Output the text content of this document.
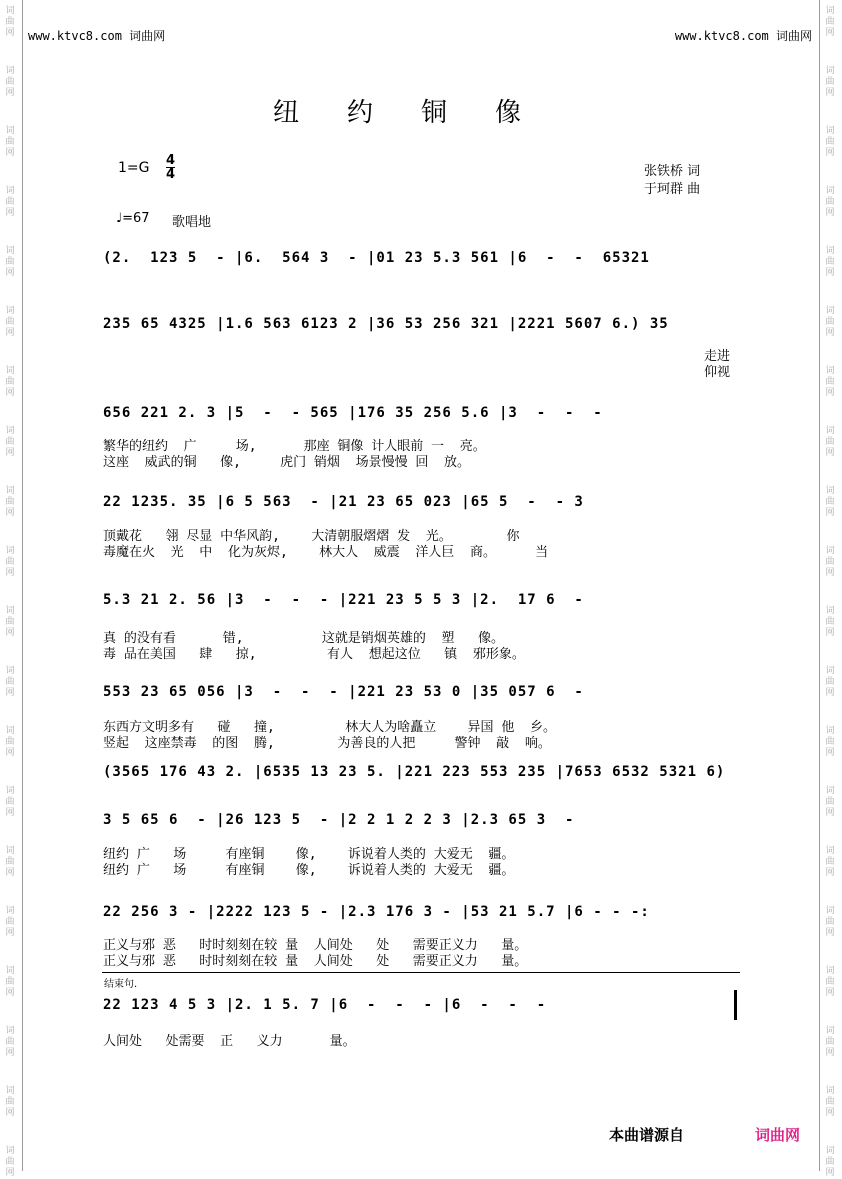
词
曲
网
词
曲
网
词
曲
网
词
曲
网
词
曲
网
词
曲
网
词
曲
网
词
曲
网
词
曲
网
词
曲
网
词
曲
网
词
曲
网
词
曲
网
词
曲
网
词
曲
网
词
曲
网
词
曲
网
词
曲
网
词
曲
网
词
曲
网
词
曲
网
词
曲
网
词
曲
网
词
曲
网
词
曲
网
词
曲
网
词
曲
网
词
曲
网
词
曲
网
词
曲
网
词
曲
网
词
曲
网
词
曲
网
词
曲
网
词
曲
网
词
曲
网
词
曲
网
词
曲
网
词
曲
网
词
曲
网
www.ktvc8.com 词曲网	www.ktvc8.com 词曲网
纽约铜像
1=G 4
4	张铁桥 词
于珂群 曲
♩=67 歌唱地
(2.  123 5  - |6.  564 3  - |01 23 5.3 561 |6  -  -  65321
235 65 4325 |1.6 563 6123 2 |36 53 256 321 |2221 5607 6.) 35
走进
仰视
656 221 2. 3 |5  -  - 565 |176 35 256 5.6 |3  -  -  -
繁华的纽约  广     场,      那座 铜像 计人眼前 一  亮。
这座  威武的铜   像,     虎门 销烟  场景慢慢 回  放。
22 1235. 35 |6 5 563  - |21 23 65 023 |65 5  -  - 3
顶戴花   翎 尽显 中华风韵,    大清朝服熠熠 发  光。       你
毒魔在火  光  中  化为灰烬,    林大人  威震  洋人巨  商。     当
5.3 21 2. 56 |3  -  -  - |221 23 5 5 3 |2.  17 6  -
真 的没有看      错,          这就是销烟英雄的  塑   像。
毒 品在美国   肆   掠,         有人  想起这位   镇  邪形象。
553 23 65 056 |3  -  -  - |221 23 53 0 |35 057 6  -
东西方文明多有   碰   撞,         林大人为啥矗立    异国 他  乡。
竖起  这座禁毒  的图  腾,        为善良的人把     警钟  敲  响。
(3565 176 43 2. |6535 13 23 5. |221 223 553 235 |7653 6532 5321 6)
3 5 65 6  - |26 123 5  - |2 2 1 2 2 3 |2.3 65 3  -
纽约 广   场     有座铜    像,    诉说着人类的 大爱无  疆。
纽约 广   场     有座铜    像,    诉说着人类的 大爱无  疆。
22 256 3 - |2222 123 5 - |2.3 176 3 - |53 21 5.7 |6 - - -:
正义与邪 恶   时时刻刻在较 量  人间处   处   需要正义力   量。
正义与邪 恶   时时刻刻在较 量  人间处   处   需要正义力   量。
结束句.
22 123 4 5 3 |2. 1 5. 7 |6  -  -  - |6  -  -  -
人间处   处需要  正   义力      量。
本曲谱源自	词曲网
